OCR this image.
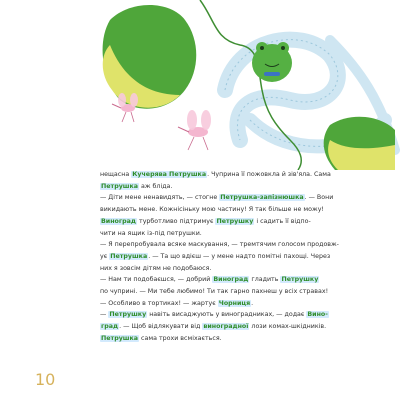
нещасна Кучерява Петрушка. Чуприна її пожовкла й зів'яла. Сама

Петрушка аж бліда.

— Діти мене ненавидять, — стогне Петрушка-запізнюшка. — Вони

викидають мене. Кожнісіньку мою частину! Я так більше не можу!

Виноград турботливо підтримує Петрушку і садить її відпо-

чити на ящик із-під петрушки.

— Я перепробувала всяке маскування, — тремтячим голосом продовж-

ує Петрушка. — Та що вдієш — у мене надто помітні пахощі. Через

них я зовсім дітям не подобаюся.

— Нам ти подобаєшся, — добрий Виноград гладить Петрушку

по чуприні. — Ми тебе любимо! Ти так гарно пахнеш у всіх стравах!

— Особливо в тортиках! — жартує Чорниця.

— Петрушку навіть висаджують у виноградниках, — додає Вино-

град. — Щоб відлякувати від виноградної лози комах-шкідників.

Петрушка сама трохи всміхається.

10
